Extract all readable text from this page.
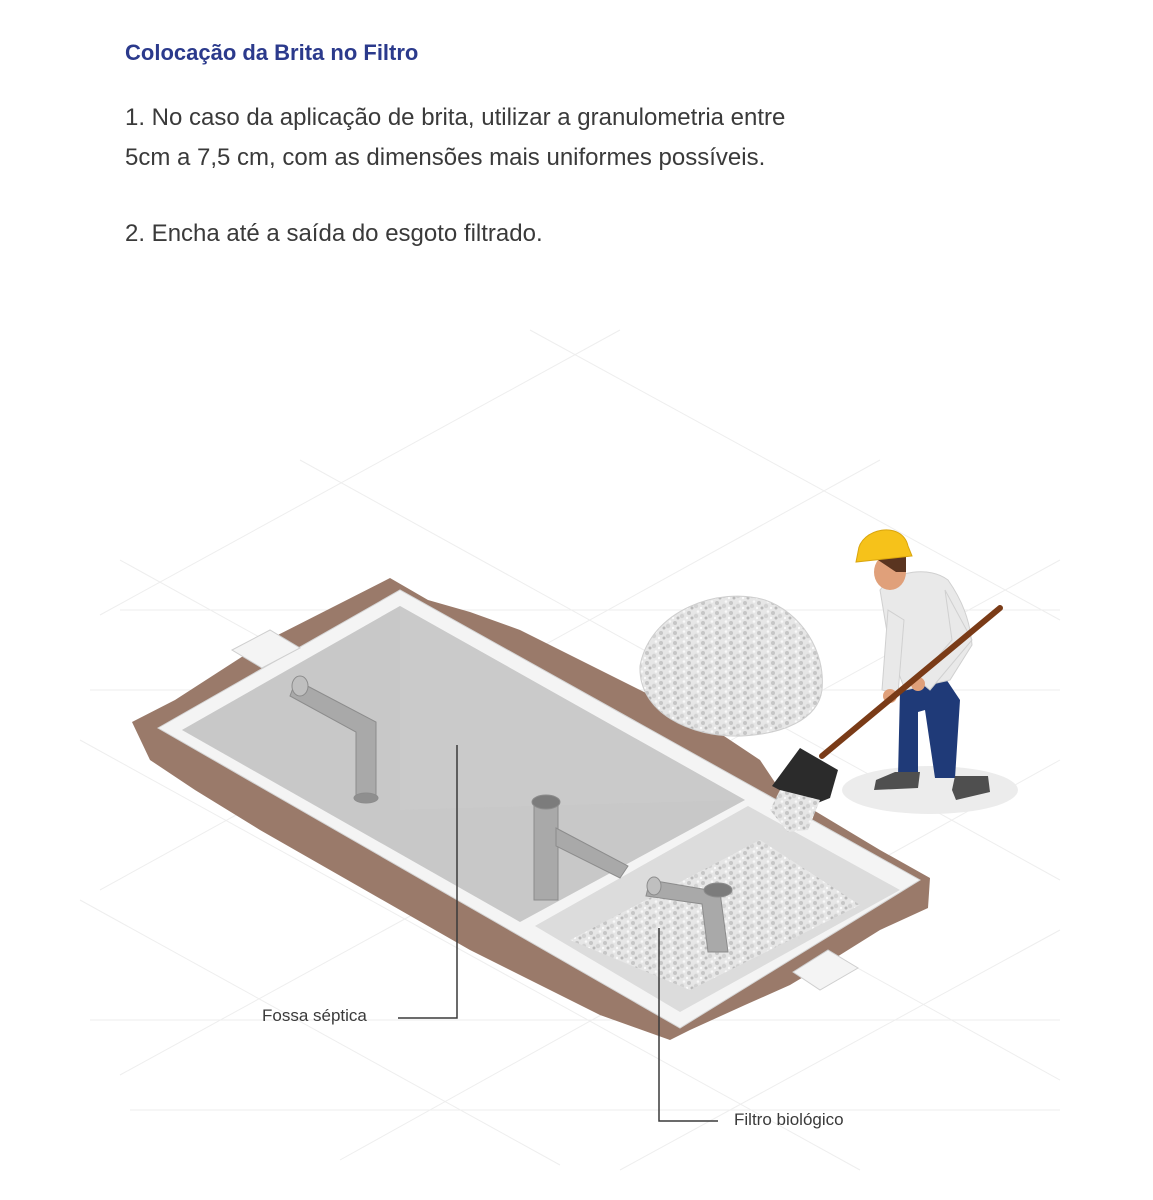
Colocação da Brita no Filtro
1. No caso da aplicação de brita, utilizar a granulometria entre
5cm a 7,5 cm, com as dimensões mais uniformes possíveis.
2. Encha até a saída do esgoto filtrado.
Fossa séptica
Filtro biológico
